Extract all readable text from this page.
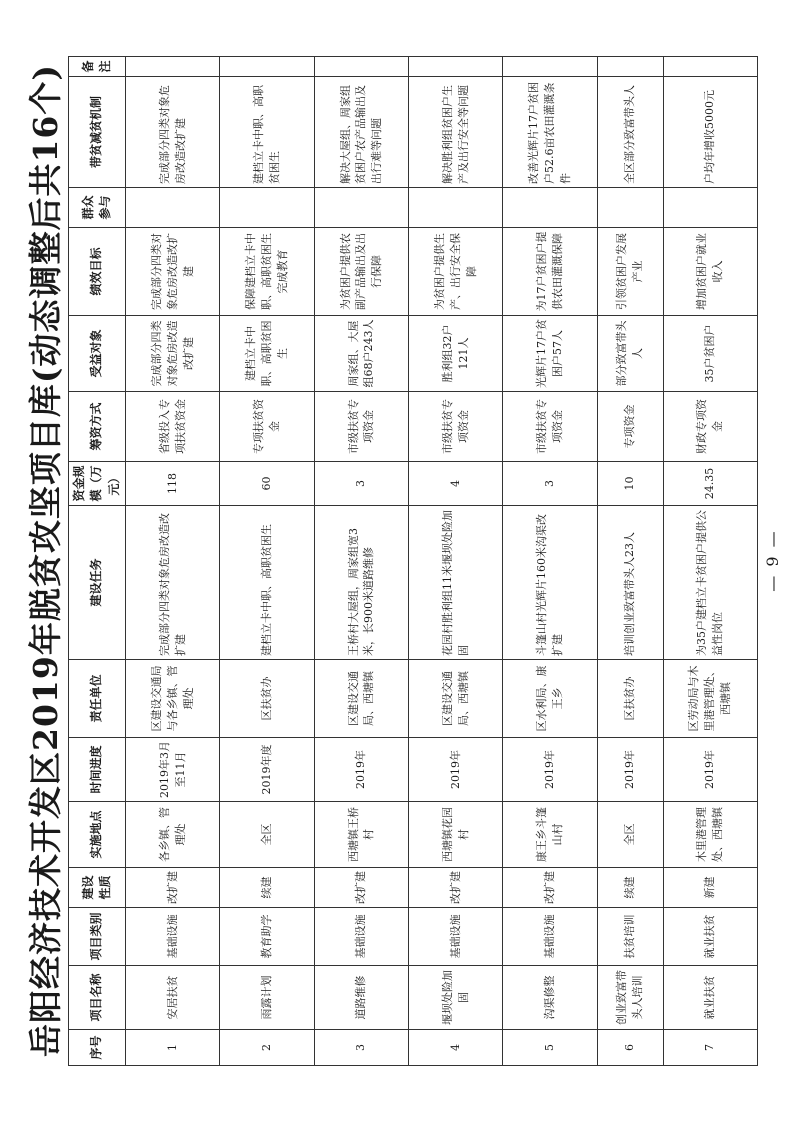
岳阳经济技术开发区2019年脱贫攻坚项目库(动态调整后共16个) 序号	项目名称	项目类别	建设性质	实施地点	时间进度	责任单位	建设任务	资金规模（万元）	筹资方式	受益对象	绩效目标	群众参与	带贫减贫机制	备注
1	安居扶贫	基础设施	改扩建	各乡镇、管理处	2019年3月至11月	区建设交通局与各乡镇、管理处	完成部分四类对象危房改造改扩建	118	省级投入专项扶贫资金	完成部分四类对象危房改造改扩建	完成部分四类对象危房改造改扩建		完成部分四类对象危房改造改扩建	
2	雨露计划	教育助学	续建	全区	2019年度	区扶贫办	建档立卡中职、高职贫困生	60	专项扶贫资金	建档立卡中职、高职贫困生	保障建档立卡中职、高职贫困生完成教育		建档立卡中职、高职贫困生	
3	道路维修	基础设施	改扩建	西塘镇王桥村	2019年	区建设交通局、西塘镇	王桥村大屋组，周家组宽3米，长900米道路维修	3	市级扶贫专项资金	周家组、大屋组68户243人	为贫困户提供农副产品输出及出行保障		解决大屋组、周家组贫困户农产品输出及出行难等问题	
4	堰坝处险加固	基础设施	改扩建	西塘镇花园村	2019年	区建设交通局、西塘镇	花园村胜利组11米堰坝处险加固	4	市级扶贫专项资金	胜利组32户121人	为贫困户提供生产、出行安全保障		解决胜利组贫困户生产及出行安全等问题	
5	沟渠修整	基础设施	改扩建	康王乡斗篷山村	2019年	区水利局、康王乡	斗篷山村光辉片160米沟渠改扩建	3	市级扶贫专项资金	光辉片17户贫困户57人	为17户贫困户提供农田灌溉保障		改善光辉片17户贫困户52.6亩农田灌溉条件	
6	创业致富带头人培训	扶贫培训	续建	全区	2019年	区扶贫办	培训创业致富带头人23人	10	专项资金	部分致富带头人	引领贫困户发展产业		全区部分致富带头人	
7	就业扶贫	就业扶贫	新建	木里港管理处、西塘镇	2019年	区劳动局与木里港管理处、西塘镇	为35户建档立卡贫困户提供公益性岗位	24.35	财政专项资金	35户贫困户	增加贫困户就业收入		户均年增收5000元	
— 9 —
